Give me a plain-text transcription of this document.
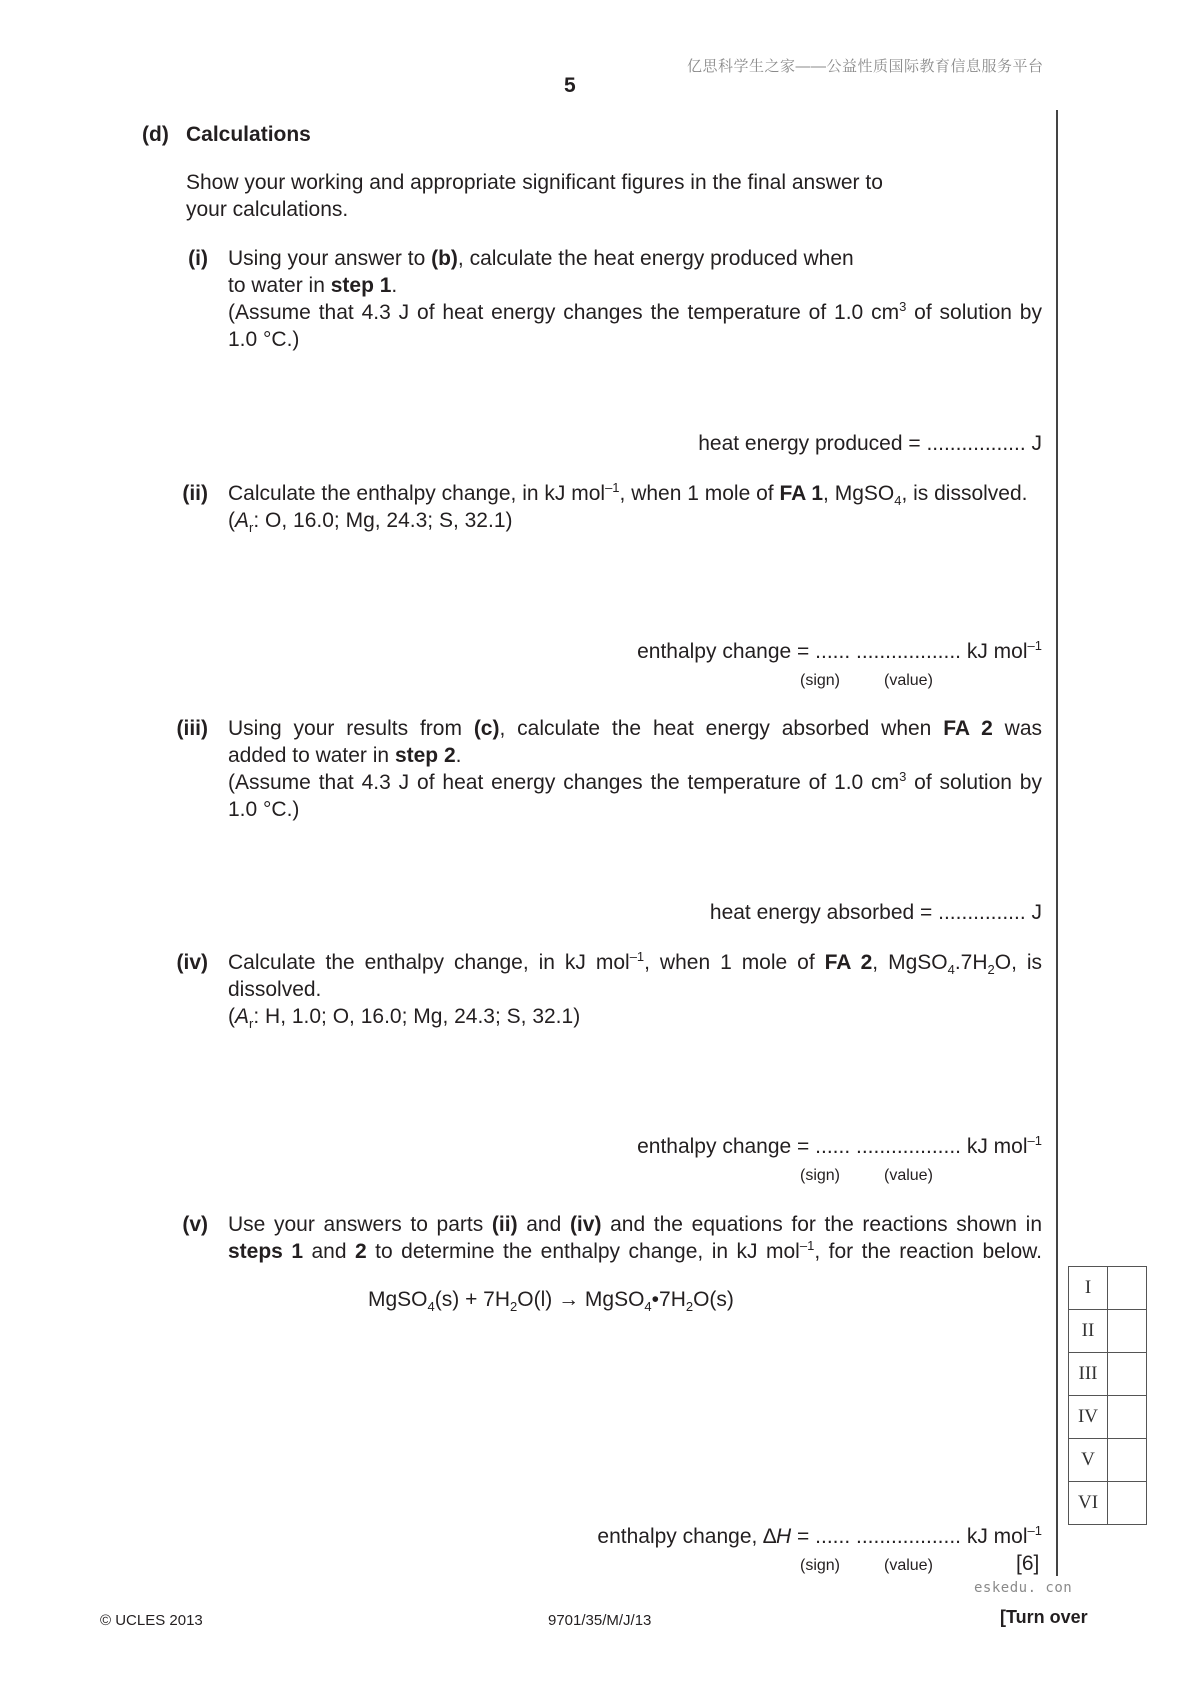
亿思科学生之家——公益性质国际教育信息服务平台
5
(d) Calculations
Show your working and appropriate significant figures in the final answer to
your calculations.
(i) Using your answer to (b), calculate the heat energy produced when
to water in step 1.
(Assume that 4.3 J of heat energy changes the temperature of 1.0 $cm^3$ of solution by
1.0 °C.)
heat energy produced = ................. J
(ii) Calculate the enthalpy change, in kJ mol$^{-1}$, when 1 mole of FA 1, MgSO$_4$, is dissolved.
($A_r$: O, 16.0; Mg, 24.3; S, 32.1)
enthalpy change = ...... .................. kJ mol$^{-1}$
(sign)	(value)
(iii) Using your results from (c), calculate the heat energy absorbed when FA 2 was
added to water in step 2.
(Assume that 4.3 J of heat energy changes the temperature of 1.0 $cm^3$ of solution by
1.0 °C.)
heat energy absorbed = ............... J
(iv) Calculate the enthalpy change, in kJ mol$^{-1}$, when 1 mole of FA 2, $MgSO_4.7H_2O$, is
dissolved.
($A_r$: H, 1.0; O, 16.0; Mg, 24.3; S, 32.1)
enthalpy change = ...... .................. kJ mol$^{-1}$
(sign)	(value)
(v) Use your answers to parts (ii) and (iv) and the equations for the reactions shown in
steps 1 and 2 to determine the enthalpy change, in kJ mol$^{-1}$, for the reaction below.
MgSO$_4$(s) + $7H_2O(l)$ → $MgSO_4•7H_2O(s)$
enthalpy change, ∆H = ...... .................. kJ mol$^{-1}$
(sign)	(value)	[6]
I	
II	
III	
IV	
V	
VI	
eskedu. con
© UCLES 2013	9701/35/M/J/13	[Turn over
